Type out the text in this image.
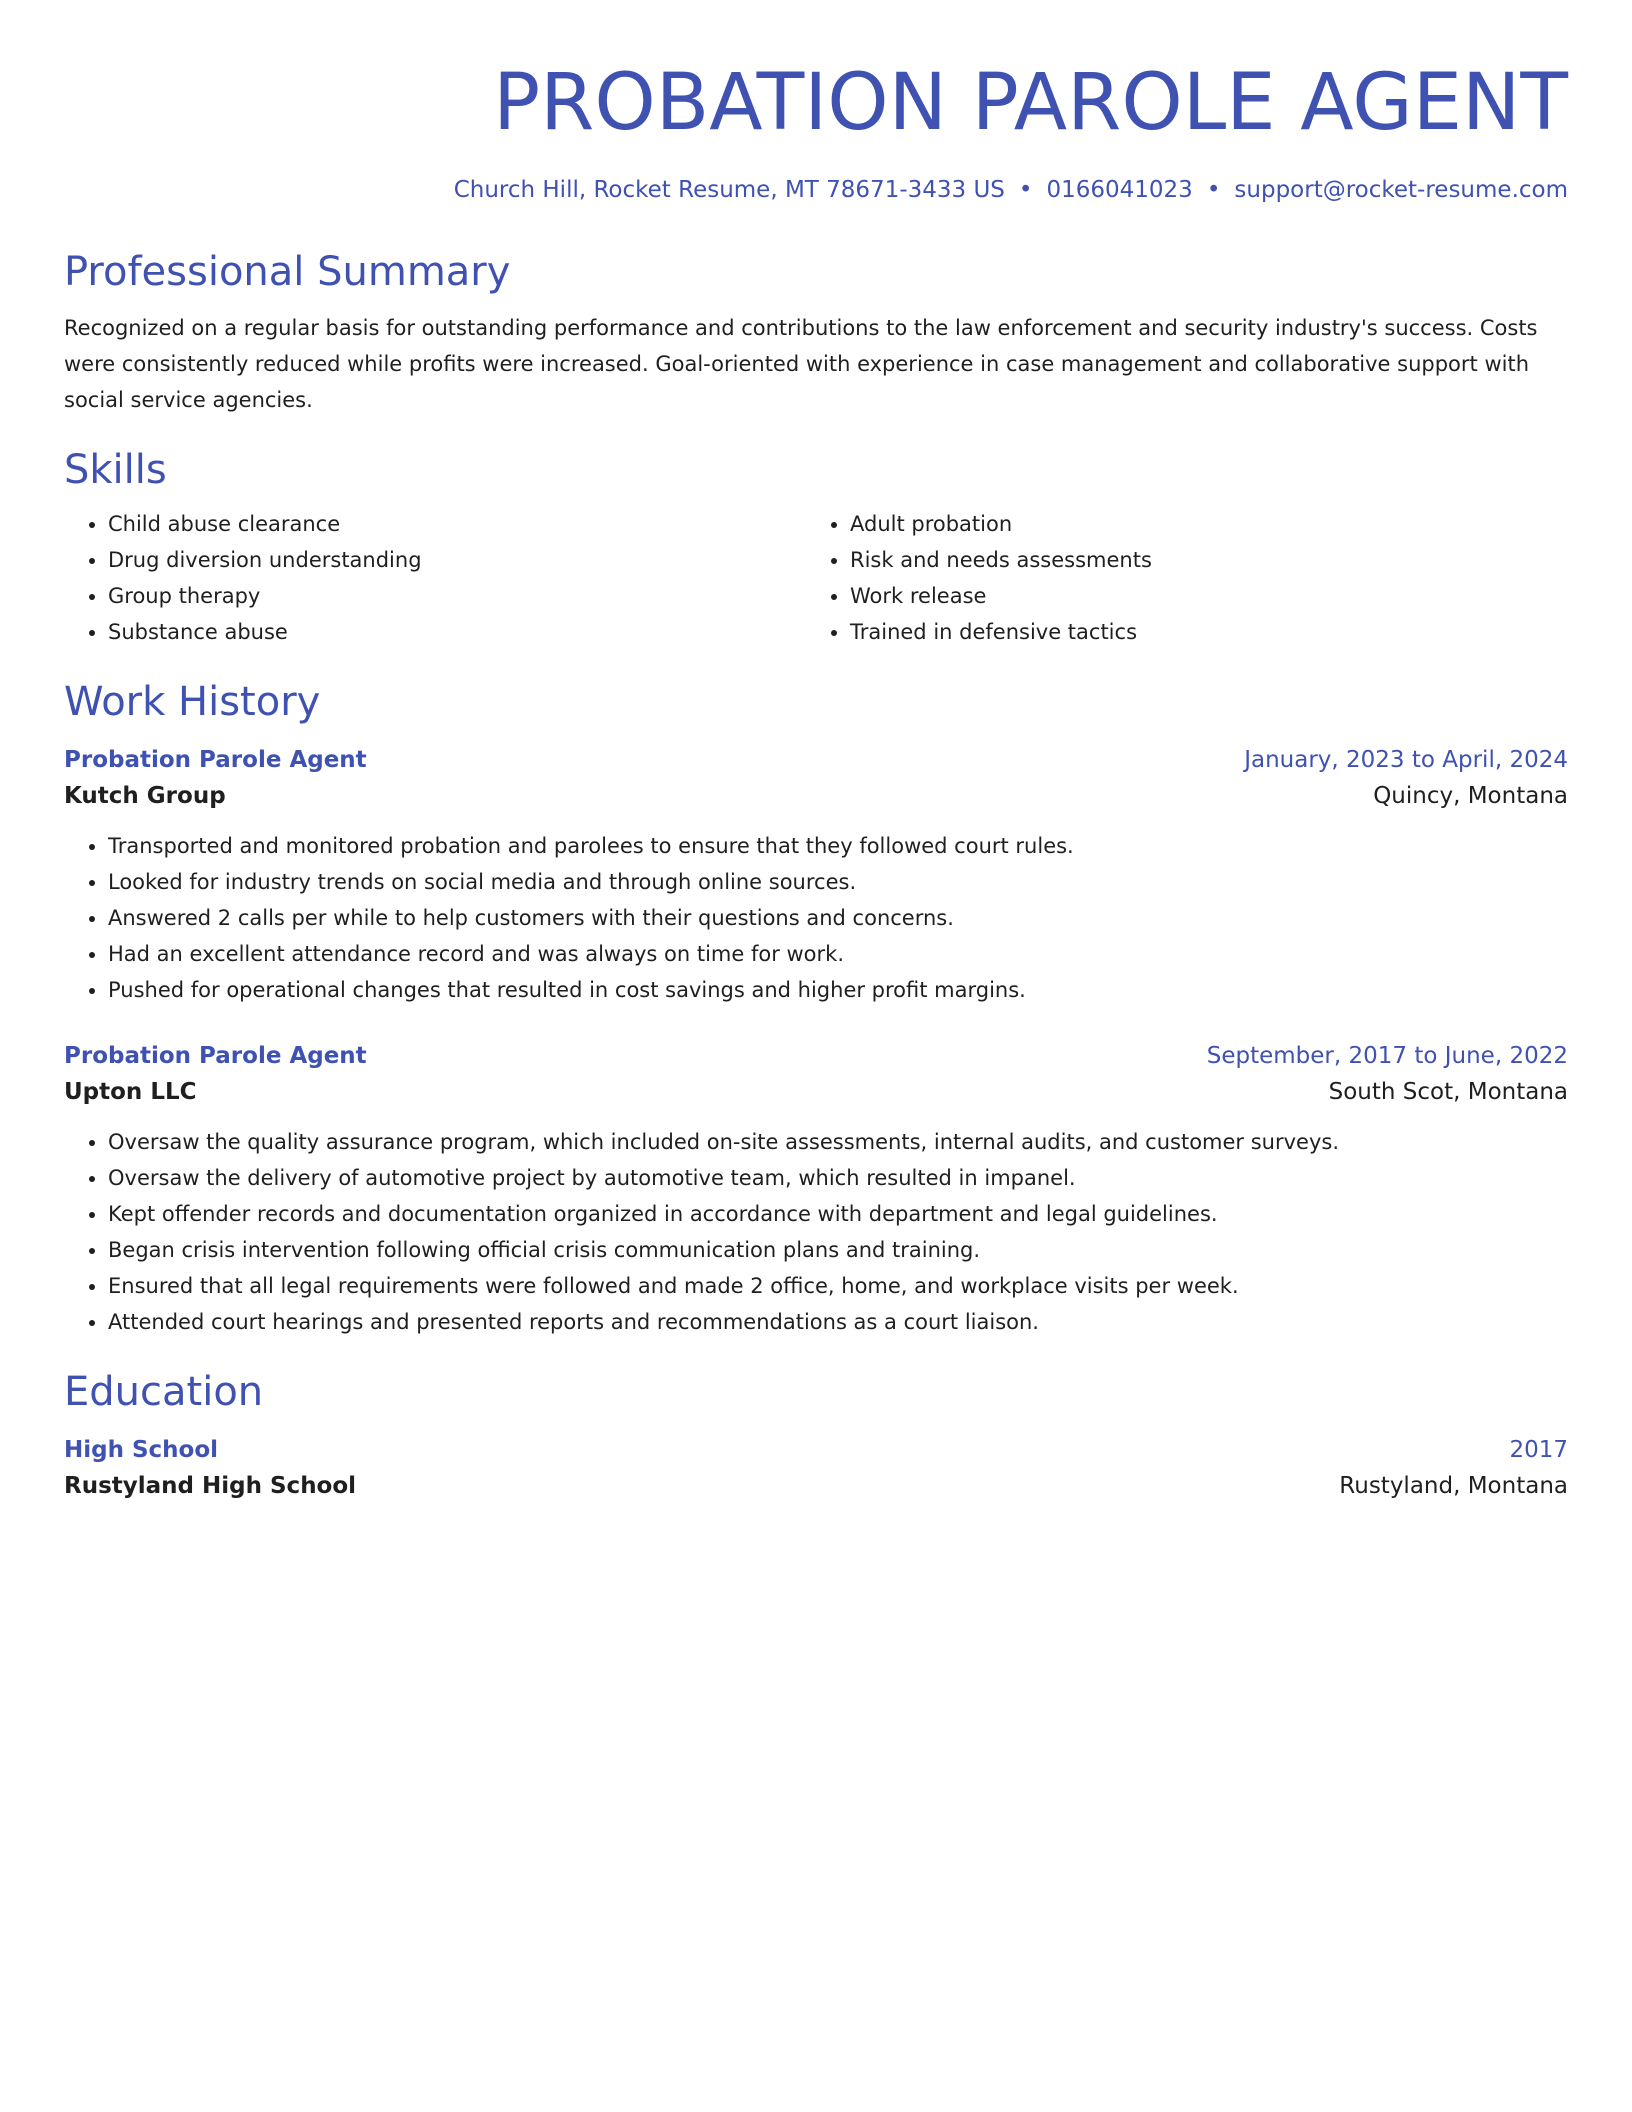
PROBATION PAROLE AGENT
Church Hill, Rocket Resume, MT 78671-3433 US • 0166041023 • support@rocket-resume.com
Professional Summary

Recognized on a regular basis for outstanding performance and contributions to the law enforcement and security industry's success. Costs were consistently reduced while profits were increased. Goal-oriented with experience in case management and collaborative support with social service agencies.

Skills
• Child abuse clearance
• Drug diversion understanding
• Group therapy
• Substance abuse
• Adult probation
• Risk and needs assessments
• Work release
• Trained in defensive tactics
Work History
Probation Parole Agent	January, 2023 to April, 2024
Kutch Group	Quincy, Montana
• Transported and monitored probation and parolees to ensure that they followed court rules.
• Looked for industry trends on social media and through online sources.
• Answered 2 calls per while to help customers with their questions and concerns.
• Had an excellent attendance record and was always on time for work.
• Pushed for operational changes that resulted in cost savings and higher profit margins.
Probation Parole Agent	September, 2017 to June, 2022
Upton LLC	South Scot, Montana
• Oversaw the quality assurance program, which included on-site assessments, internal audits, and customer surveys.
• Oversaw the delivery of automotive project by automotive team, which resulted in impanel.
• Kept offender records and documentation organized in accordance with department and legal guidelines.
• Began crisis intervention following official crisis communication plans and training.
• Ensured that all legal requirements were followed and made 2 office, home, and workplace visits per week.
• Attended court hearings and presented reports and recommendations as a court liaison.
Education
High School	2017
Rustyland High School	Rustyland, Montana
